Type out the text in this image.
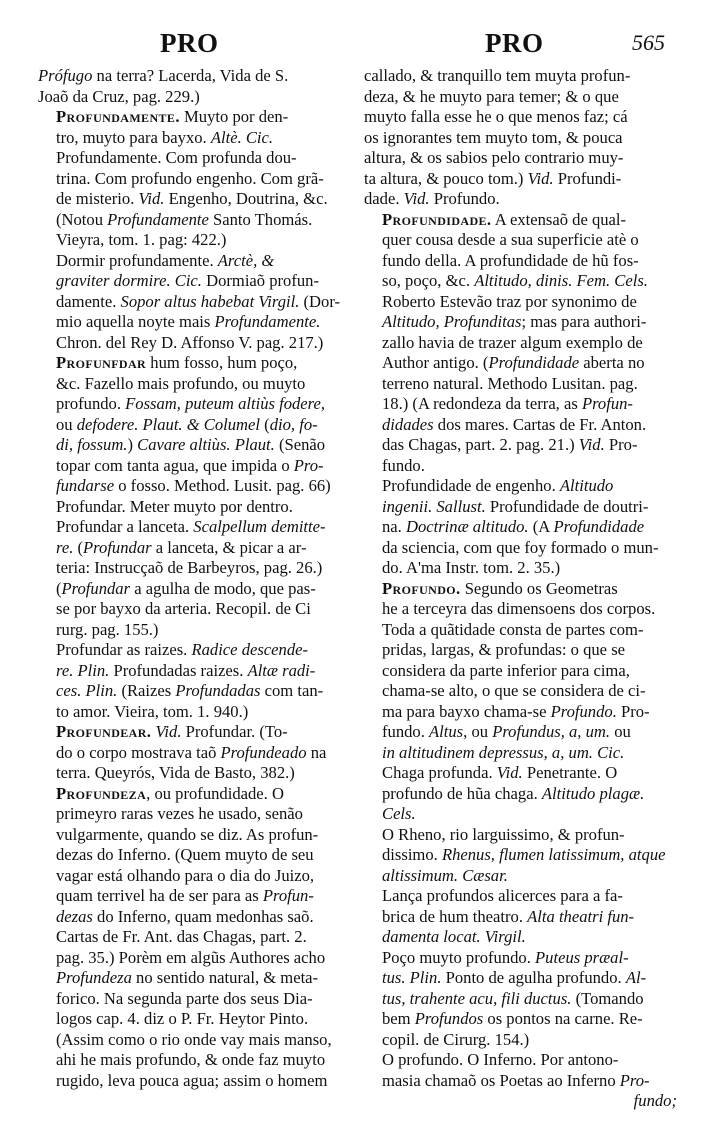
PRO	PRO	565

Prófugo na terra? Lacerda, Vida de S.
Joaõ da Cruz, pag. 229.)

Profundamente. Muyto por den-
tro, muyto para bayxo. Altè. Cic.

Profundamente. Com profunda dou-
trina. Com profundo engenho. Com grã-
de misterio. Vid. Engenho, Doutrina, &c.
(Notou Profundamente Santo Thomás.
Vieyra, tom. 1. pag: 422.)

Dormir profundamente. Arctè, &
graviter dormire. Cic. Dormiaõ profun-
damente. Sopor altus habebat Virgil. (Dor-
mio aquella noyte mais Profundamente.
Chron. del Rey D. Affonso V. pag. 217.)

Profunfdar hum fosso, hum poço,
&c. Fazello mais profundo, ou muyto
profundo. Fossam, puteum altiùs fodere,
ou defodere. Plaut. & Columel (dio, fo-
di, fossum.) Cavare altiùs. Plaut. (Senão
topar com tanta agua, que impida o Pro-
fundarse o fosso. Method. Lusit. pag. 66)

Profundar. Meter muyto por dentro.
Profundar a lanceta. Scalpellum demitte-
re. (Profundar a lanceta, & picar a ar-
teria: Instrucçaõ de Barbeyros, pag. 26.)
(Profundar a agulha de modo, que pas-
se por bayxo da arteria. Recopil. de Ci
rurg. pag. 155.)

Profundar as raizes. Radice descende-
re. Plin. Profundadas raizes. Altæ radi-
ces. Plin. (Raizes Profundadas com tan-
to amor. Vieira, tom. 1. 940.)

Profundear. Vid. Profundar. (To-
do o corpo mostrava taõ Profundeado na
terra. Queyrós, Vida de Basto, 382.)

Profundeza, ou profundidade. O
primeyro raras vezes he usado, senão
vulgarmente, quando se diz. As profun-
dezas do Inferno. (Quem muyto de seu
vagar está olhando para o dia do Juizo,
quam terrivel ha de ser para as Profun-
dezas do Inferno, quam medonhas saõ.
Cartas de Fr. Ant. das Chagas, part. 2.
pag. 35.) Porèm em algũs Authores acho
Profundeza no sentido natural, & meta-
forico. Na segunda parte dos seus Dia-
logos cap. 4. diz o P. Fr. Heytor Pinto.
(Assim como o rio onde vay mais manso,
ahi he mais profundo, & onde faz muyto
rugido, leva pouca agua; assim o homem

callado, & tranquillo tem muyta profun-
deza, & he muyto para temer; & o que
muyto falla esse he o que menos faz; cá
os ignorantes tem muyto tom, & pouca
altura, & os sabios pelo contrario muy-
ta altura, & pouco tom.) Vid. Profundi-
dade. Vid. Profundo.

Profundidade. A extensaõ de qual-
quer cousa desde a sua superficie atè o
fundo della. A profundidade de hũ fos-
so, poço, &c. Altitudo, dinis. Fem. Cels.
Roberto Estevão traz por synonimo de
Altitudo, Profunditas; mas para authori-
zallo havia de trazer algum exemplo de
Author antigo. (Profundidade aberta no
terreno natural. Methodo Lusitan. pag.
18.) (A redondeza da terra, as Profun-
didades dos mares. Cartas de Fr. Anton.
das Chagas, part. 2. pag. 21.) Vid. Pro-
fundo.

Profundidade de engenho. Altitudo
ingenii. Sallust. Profundidade de doutri-
na. Doctrinæ altitudo. (A Profundidade
da sciencia, com que foy formado o mun-
do. A'ma Instr. tom. 2. 35.)

Profundo. Segundo os Geometras
he a terceyra das dimensoens dos corpos.
Toda a quãtidade consta de partes com-
pridas, largas, & profundas: o que se
considera da parte inferior para cima,
chama-se alto, o que se considera de ci-
ma para bayxo chama-se Profundo. Pro-
fundo. Altus, ou Profundus, a, um. ou
in altitudinem depressus, a, um. Cic.

Chaga profunda. Vid. Penetrante. O
profundo de hũa chaga. Altitudo plagæ.
Cels.

O Rheno, rio larguissimo, & profun-
dissimo. Rhenus, flumen latissimum, atque
altissimum. Cæsar.

Lança profundos alicerces para a fa-
brica de hum theatro. Alta theatri fun-
damenta locat. Virgil.

Poço muyto profundo. Puteus præal-
tus. Plin. Ponto de agulha profundo. Al-
tus, trahente acu, fili ductus. (Tomando
bem Profundos os pontos na carne. Re-
copil. de Cirurg. 154.)

O profundo. O Inferno. Por antono-
masia chamaõ os Poetas ao Inferno Pro-

fundo;
